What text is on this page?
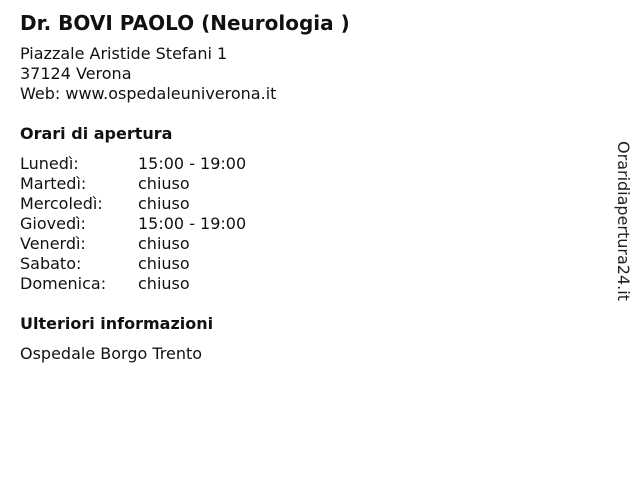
Dr. BOVI PAOLO (Neurologia )
Piazzale Aristide Stefani 1
37124 Verona
Web: www.ospedaleuniverona.it
Orari di apertura
Lunedì:	15:00 - 19:00
Martedì:	chiuso
Mercoledì:	chiuso
Giovedì:	15:00 - 19:00
Venerdì:	chiuso
Sabato:	chiuso
Domenica:	chiuso
Ulteriori informazioni
Ospedale Borgo Trento
Oraridiapertura24.it
